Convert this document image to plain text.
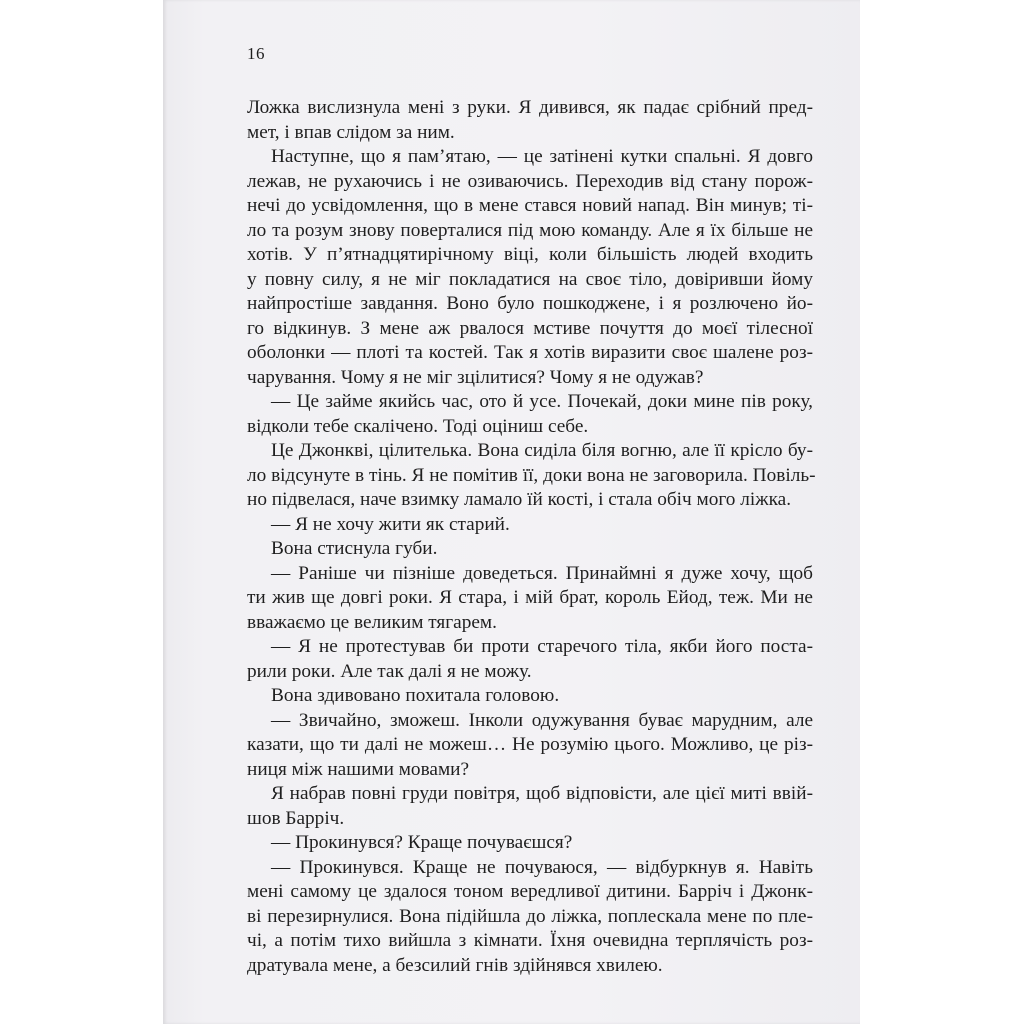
16
Ложка вислизнула мені з руки. Я дивився, як падає срібний пред-
мет, і впав слідом за ним.
Наступне, що я пам’ятаю, — це затінені кутки спальні. Я довго
лежав, не рухаючись і не озиваючись. Переходив від стану порож-
нечі до усвідомлення, що в мене стався новий напад. Він минув; ті-
ло та розум знову поверталися під мою команду. Але я їх більше не
хотів. У п’ятнадцятирічному віці, коли більшість людей входить
у повну силу, я не міг покладатися на своє тіло, довіривши йому
найпростіше завдання. Воно було пошкоджене, і я розлючено йо-
го відкинув. З мене аж рвалося мстиве почуття до моєї тілесної
оболонки — плоті та костей. Так я хотів виразити своє шалене роз-
чарування. Чому я не міг зцілитися? Чому я не одужав?
— Це займе якийсь час, ото й усе. Почекай, доки мине пів року,
відколи тебе скалічено. Тоді оціниш себе.
Це Джонкві, цілителька. Вона сиділа біля вогню, але її крісло бу-
ло відсунуте в тінь. Я не помітив її, доки вона не заговорила. Повіль-
но підвелася, наче взимку ламало їй кості, і стала обіч мого ліжка.
— Я не хочу жити як старий.
Вона стиснула губи.
— Раніше чи пізніше доведеться. Принаймні я дуже хочу, щоб
ти жив ще довгі роки. Я стара, і мій брат, король Ейод, теж. Ми не
вважаємо це великим тягарем.
— Я не протестував би проти старечого тіла, якби його поста-
рили роки. Але так далі я не можу.
Вона здивовано похитала головою.
— Звичайно, зможеш. Інколи одужування буває марудним, але
казати, що ти далі не можеш… Не розумію цього. Можливо, це різ-
ниця між нашими мовами?
Я набрав повні груди повітря, щоб відповісти, але цієї миті ввій-
шов Барріч.
— Прокинувся? Краще почуваєшся?
— Прокинувся. Краще не почуваюся, — відбуркнув я. Навіть
мені самому це здалося тоном вередливої дитини. Барріч і Джонк-
ві перезирнулися. Вона підійшла до ліжка, поплескала мене по пле-
чі, а потім тихо вийшла з кімнати. Їхня очевидна терплячість роз-
дратувала мене, а безсилий гнів здійнявся хвилею.
